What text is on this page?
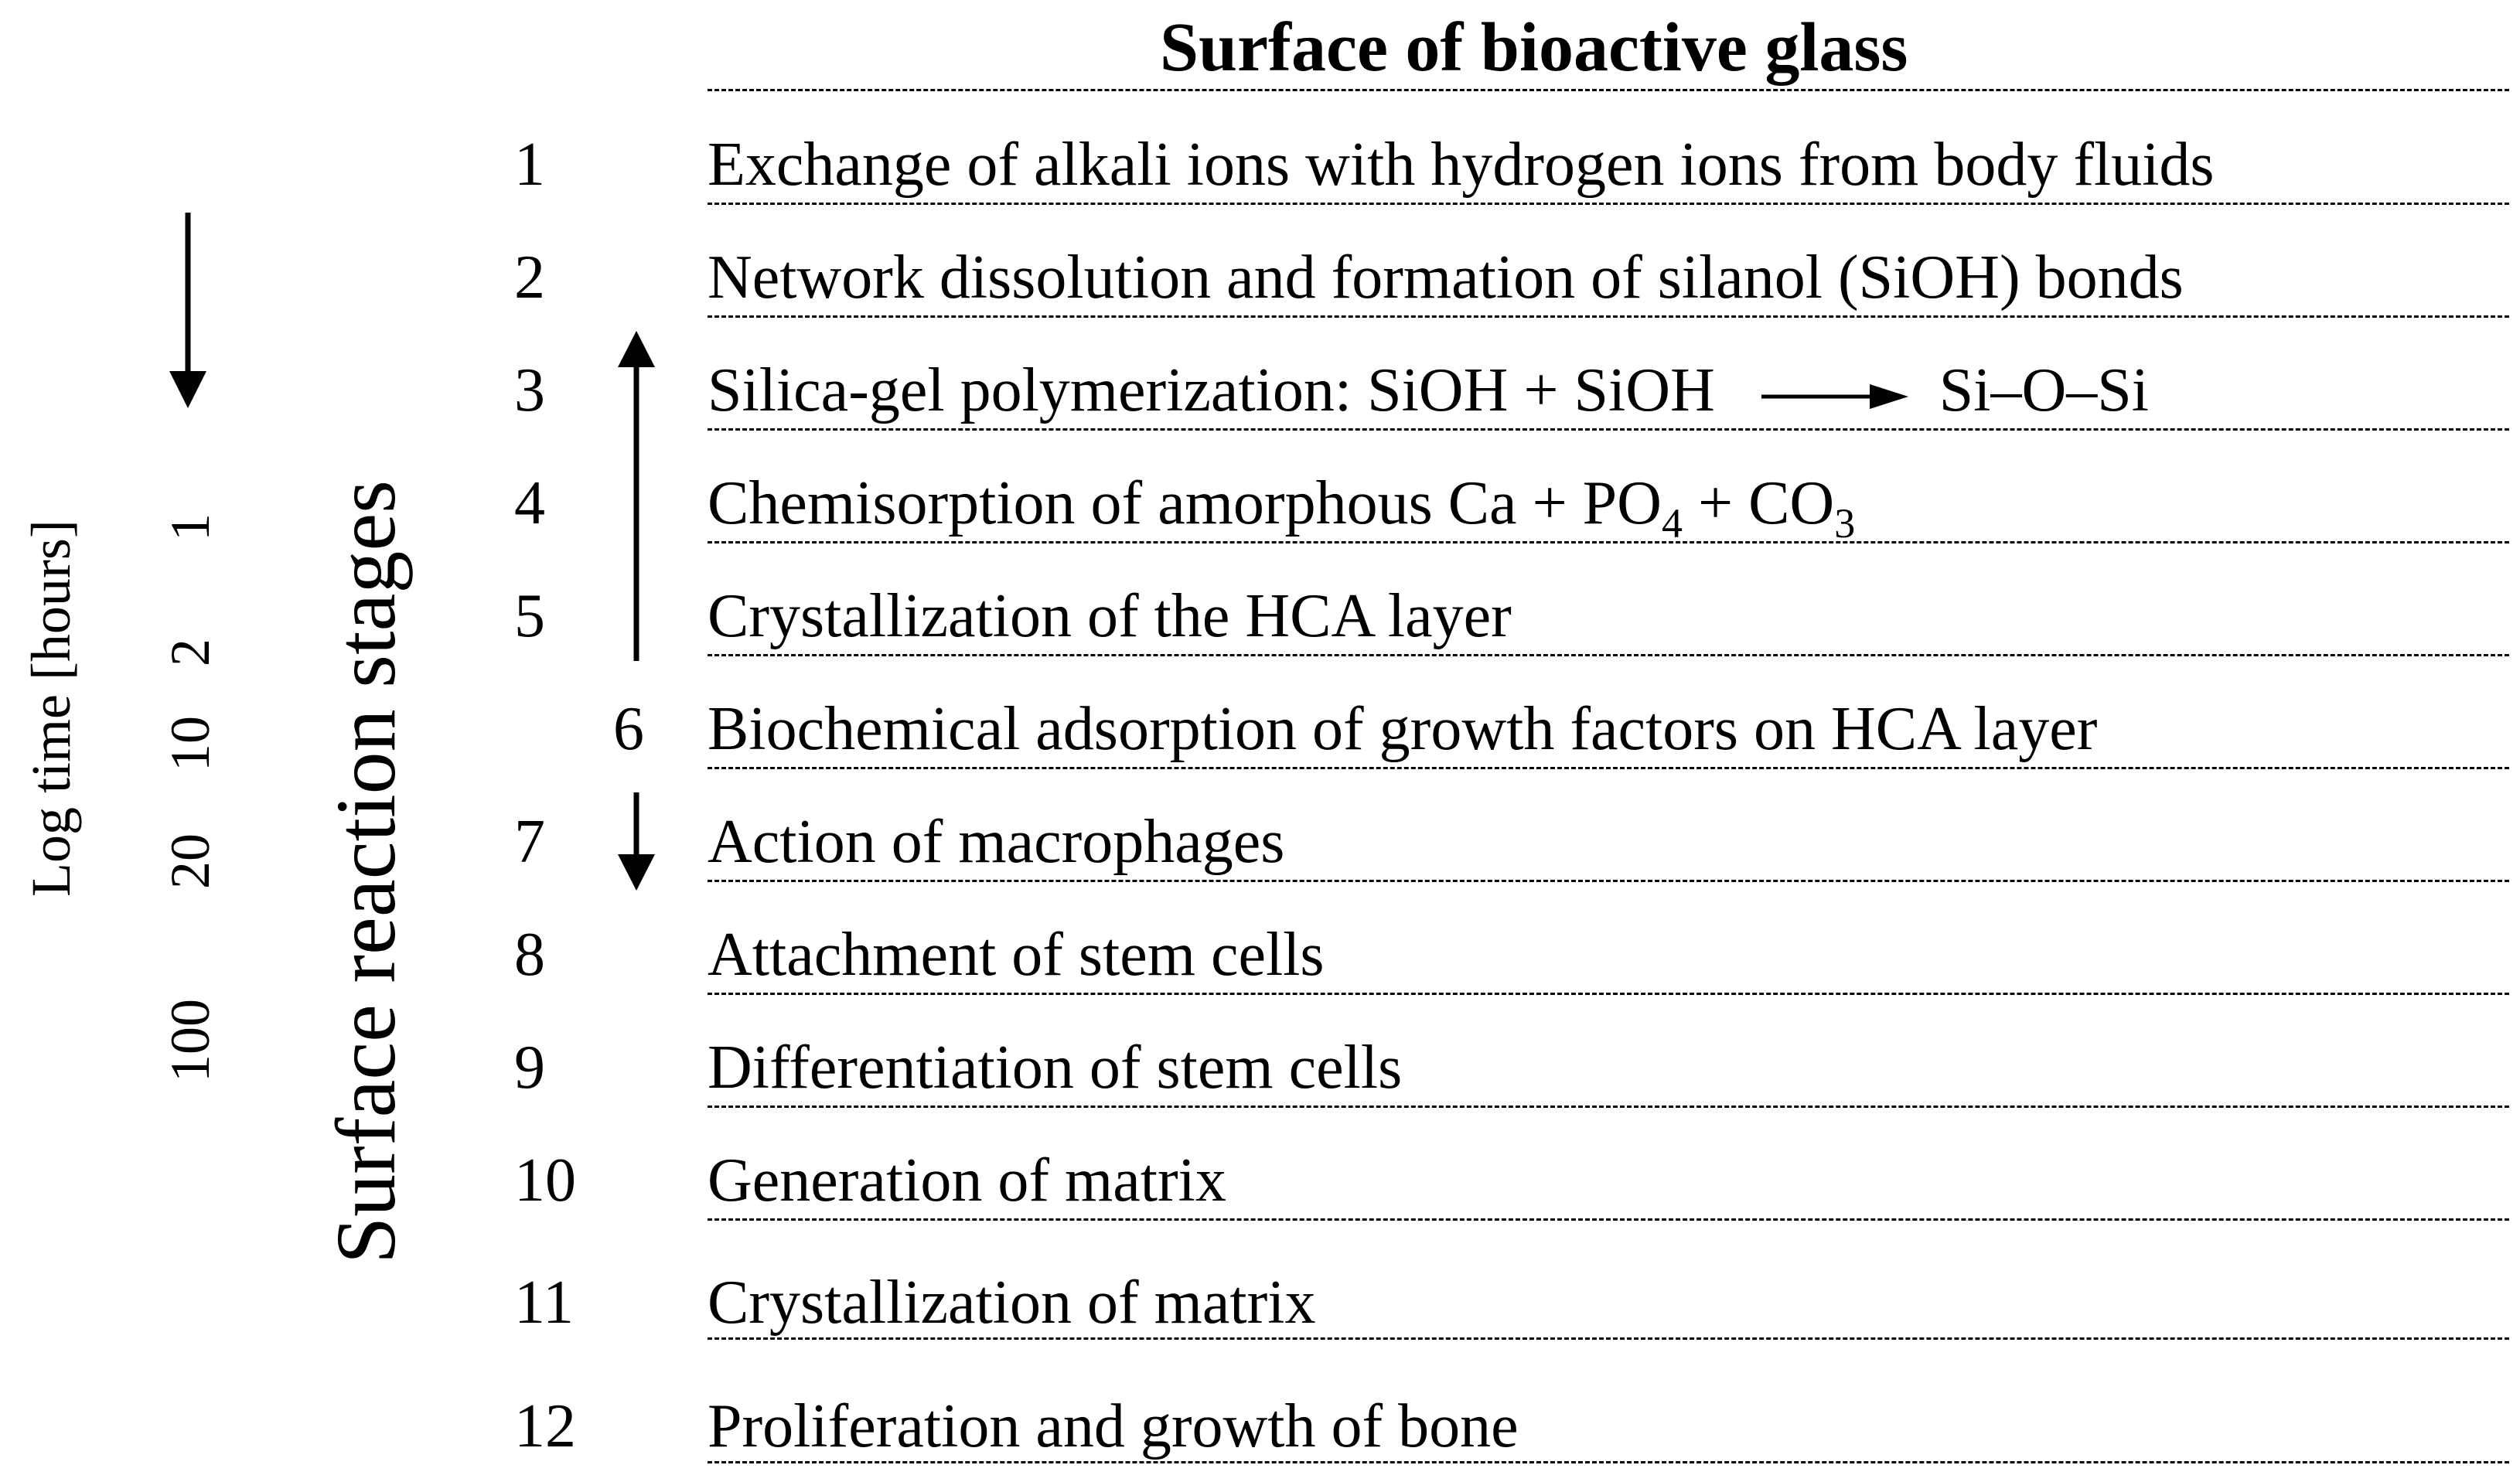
Surface of bioactive glass
Log time [hours]	Surface reaction stages
1
2
10
20
100
1
2
3
4
5
6
7
8
9
10
11
12
Exchange of alkali ions with hydrogen ions from body fluids
Network dissolution and formation of silanol (SiOH) bonds
Silica-gel polymerization: SiOH + SiOH → Si–O–Si
Chemisorption of amorphous $Ca + PO_4 + CO_3$
Crystallization of the HCA layer
Biochemical adsorption of growth factors on HCA layer
Action of macrophages
Attachment of stem cells
Differentiation of stem cells
Generation of matrix
Crystallization of matrix
Proliferation and growth of bone
